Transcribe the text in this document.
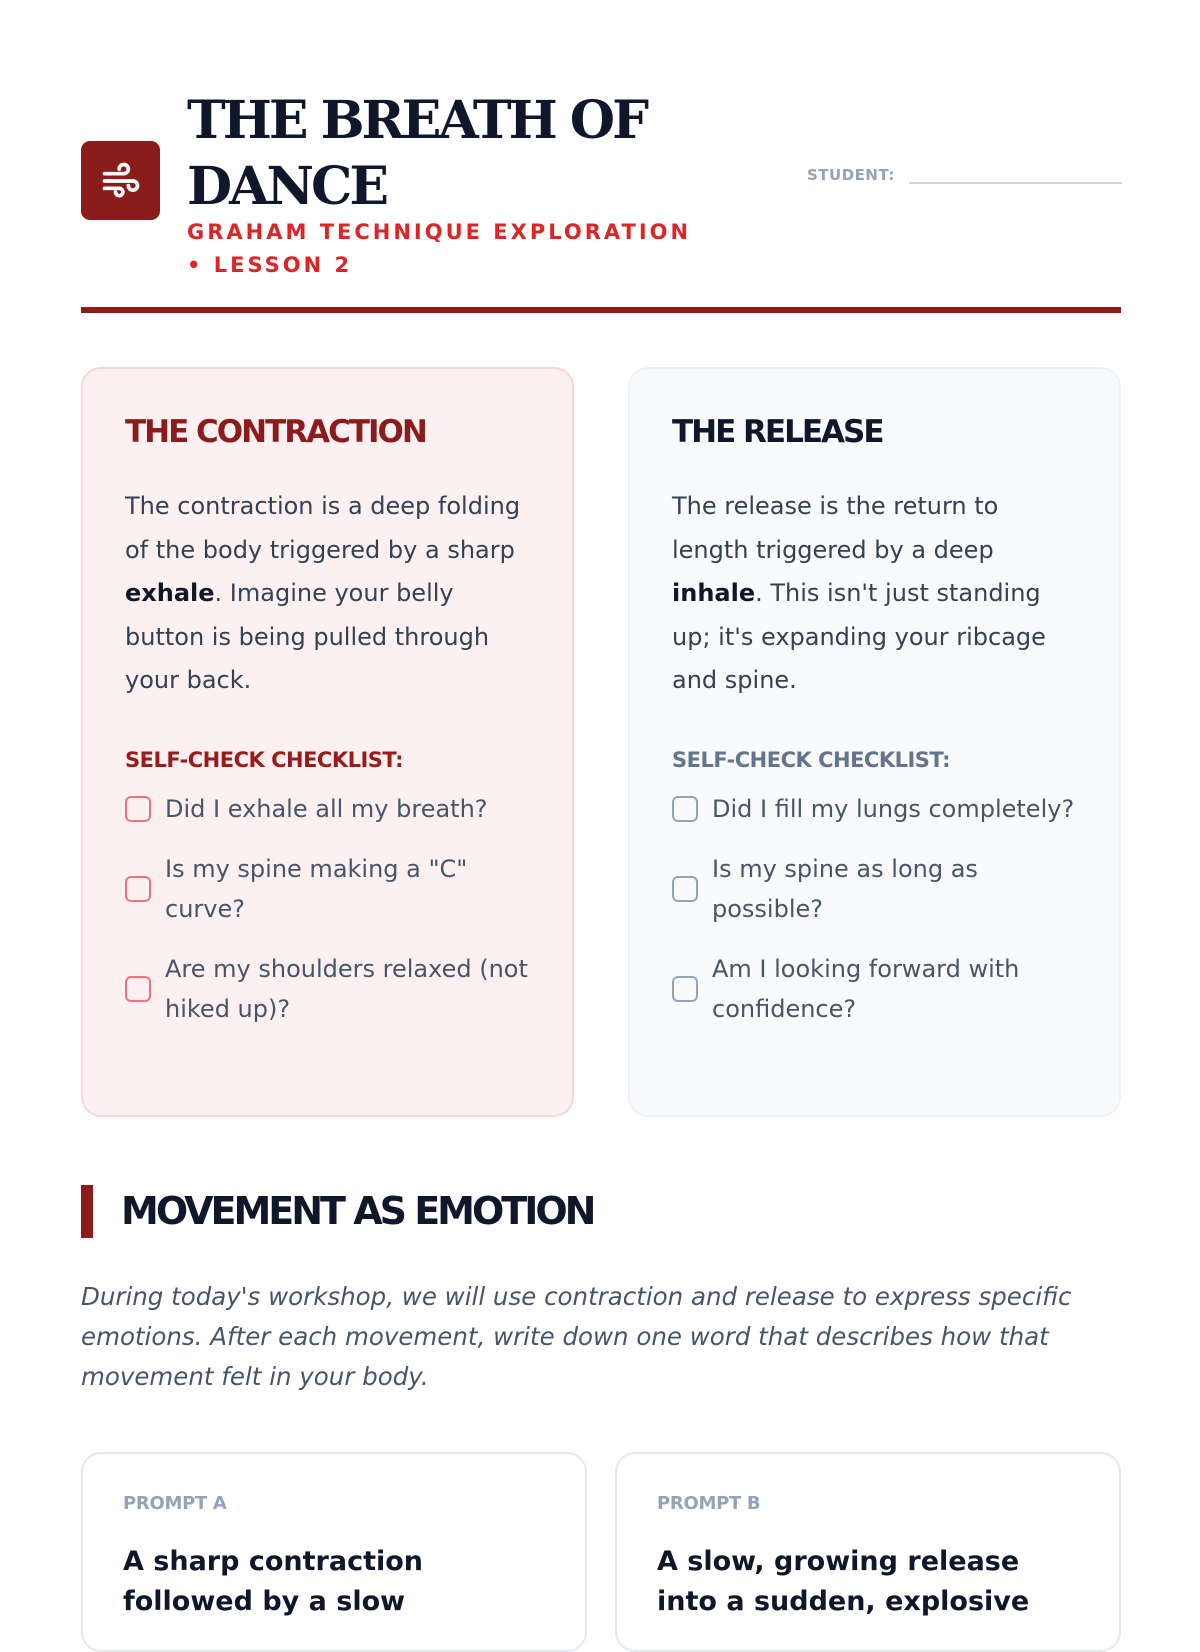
THE BREATH OF DANCE
GRAHAM TECHNIQUE EXPLORATION • LESSON 2
STUDENT:
THE CONTRACTION

The contraction is a deep folding of the body triggered by a sharp exhale. Imagine your belly button is being pulled through your back.

SELF-CHECK CHECKLIST:
Did I exhale all my breath?
Is my spine making a "C" curve?
Are my shoulders relaxed (not hiked up)?
THE RELEASE

The release is the return to length triggered by a deep inhale. This isn't just standing up; it's expanding your ribcage and spine.

SELF-CHECK CHECKLIST:
Did I fill my lungs completely?
Is my spine as long as possible?
Am I looking forward with confidence?
MOVEMENT AS EMOTION

During today's workshop, we will use contraction and release to express specific emotions. After each movement, write down one word that describes how that movement felt in your body.

PROMPT A
A sharp contraction followed by a slow
PROMPT B
A slow, growing release into a sudden, explosive
